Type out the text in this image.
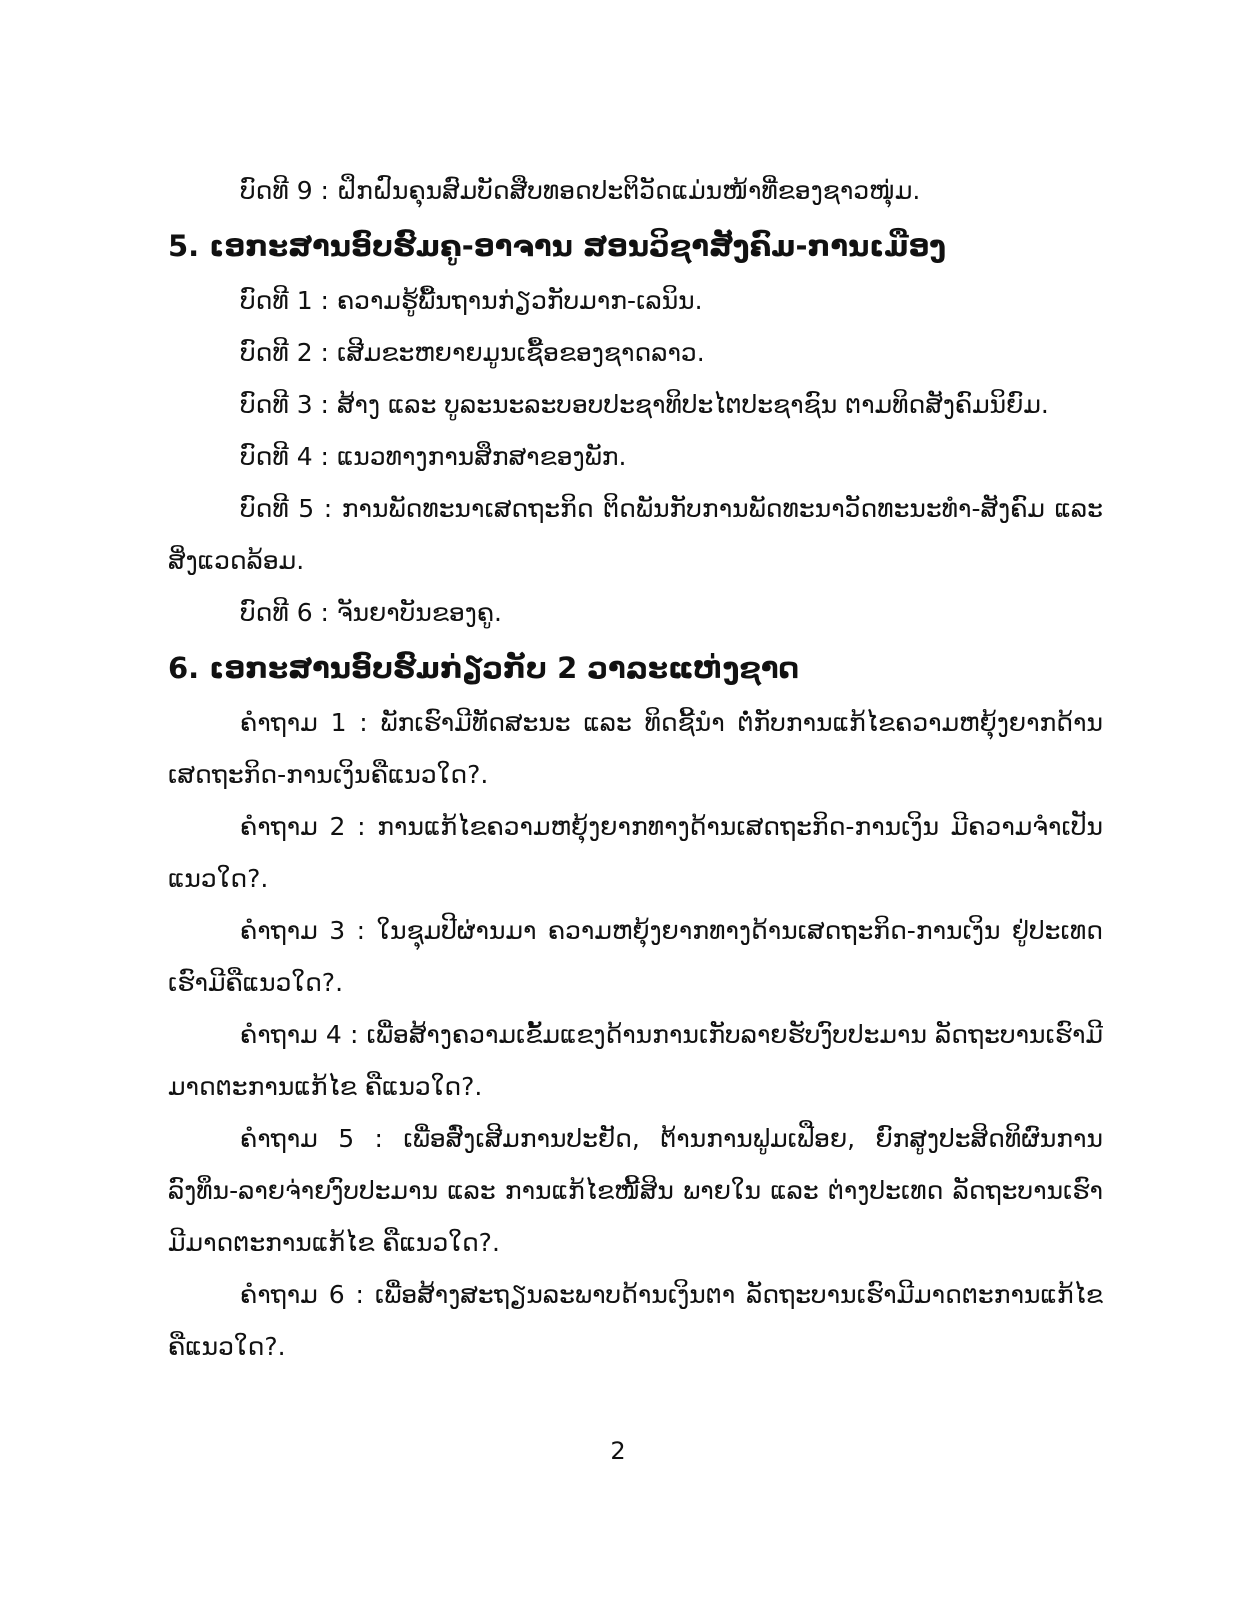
ບົດທີ 9 : ຝຶກຝົນຄຸນສົມບັດສືບທອດປະຕິວັດແມ່ນໜ້າທີ່ຂອງຊາວໜຸ່ມ.

5. ເອກະສານອົບຮົມຄູ-ອາຈານ ສອນວິຊາສັງຄົມ-ການເມືອງ

ບົດທີ 1 : ຄວາມຮູ້ພື້ນຖານກ່ຽວກັບມາກ-ເລນິນ.

ບົດທີ 2 : ເສີມຂະຫຍາຍມູນເຊື້ອຂອງຊາດລາວ.

ບົດທີ 3 : ສ້າງ ແລະ ບູລະນະລະບອບປະຊາທິປະໄຕປະຊາຊົນ ຕາມທິດສັງຄົມນິຍົມ.

ບົດທີ 4 : ແນວທາງການສຶກສາຂອງພັກ.

ບົດທີ 5 : ການພັດທະນາເສດຖະກິດ ຕິດພັນກັບການພັດທະນາວັດທະນະທຳ-ສັງຄົມ ແລະ ສິ່ງແວດລ້ອມ.

ບົດທີ 6 : ຈັນຍາບັນຂອງຄູ.

6. ເອກະສານອົບຮົມກ່ຽວກັບ 2 ວາລະແຫ່ງຊາດ

ຄຳຖາມ 1 : ພັກເຮົາມີທັດສະນະ ແລະ ທິດຊີ້ນຳ ຕໍ່ກັບການແກ້ໄຂຄວາມຫຍຸ້ງຍາກດ້ານເສດຖະກິດ-ການເງິນຄືແນວໃດ?.

ຄຳຖາມ 2 : ການແກ້ໄຂຄວາມຫຍຸ້ງຍາກທາງດ້ານເສດຖະກິດ-ການເງິນ ມີຄວາມຈຳເປັນແນວໃດ?.

ຄຳຖາມ 3 : ໃນຊຸມປີຜ່ານມາ ຄວາມຫຍຸ້ງຍາກທາງດ້ານເສດຖະກິດ-ການເງິນ ຢູ່ປະເທດເຮົາມີຄືແນວໃດ?.

ຄຳຖາມ 4 : ເພື່ອສ້າງຄວາມເຂັ້ມແຂງດ້ານການເກັບລາຍຮັບງົບປະມານ ລັດຖະບານເຮົາມີມາດຕະການແກ້ໄຂ ຄືແນວໃດ?.

ຄຳຖາມ 5 : ເພື່ອສົ່ງເສີມການປະຢັດ, ຕ້ານການຟູມເຟືອຍ, ຍົກສູງປະສິດທິຜົນການລົງທຶນ-ລາຍຈ່າຍງົບປະມານ ແລະ ການແກ້ໄຂໜີ້ສິນ ພາຍໃນ ແລະ ຕ່າງປະເທດ ລັດຖະບານເຮົາມີມາດຕະການແກ້ໄຂ ຄືແນວໃດ?.

ຄຳຖາມ 6 : ເພື່ອສ້າງສະຖຽນລະພາບດ້ານເງິນຕາ ລັດຖະບານເຮົາມີມາດຕະການແກ້ໄຂ ຄືແນວໃດ?.

2
